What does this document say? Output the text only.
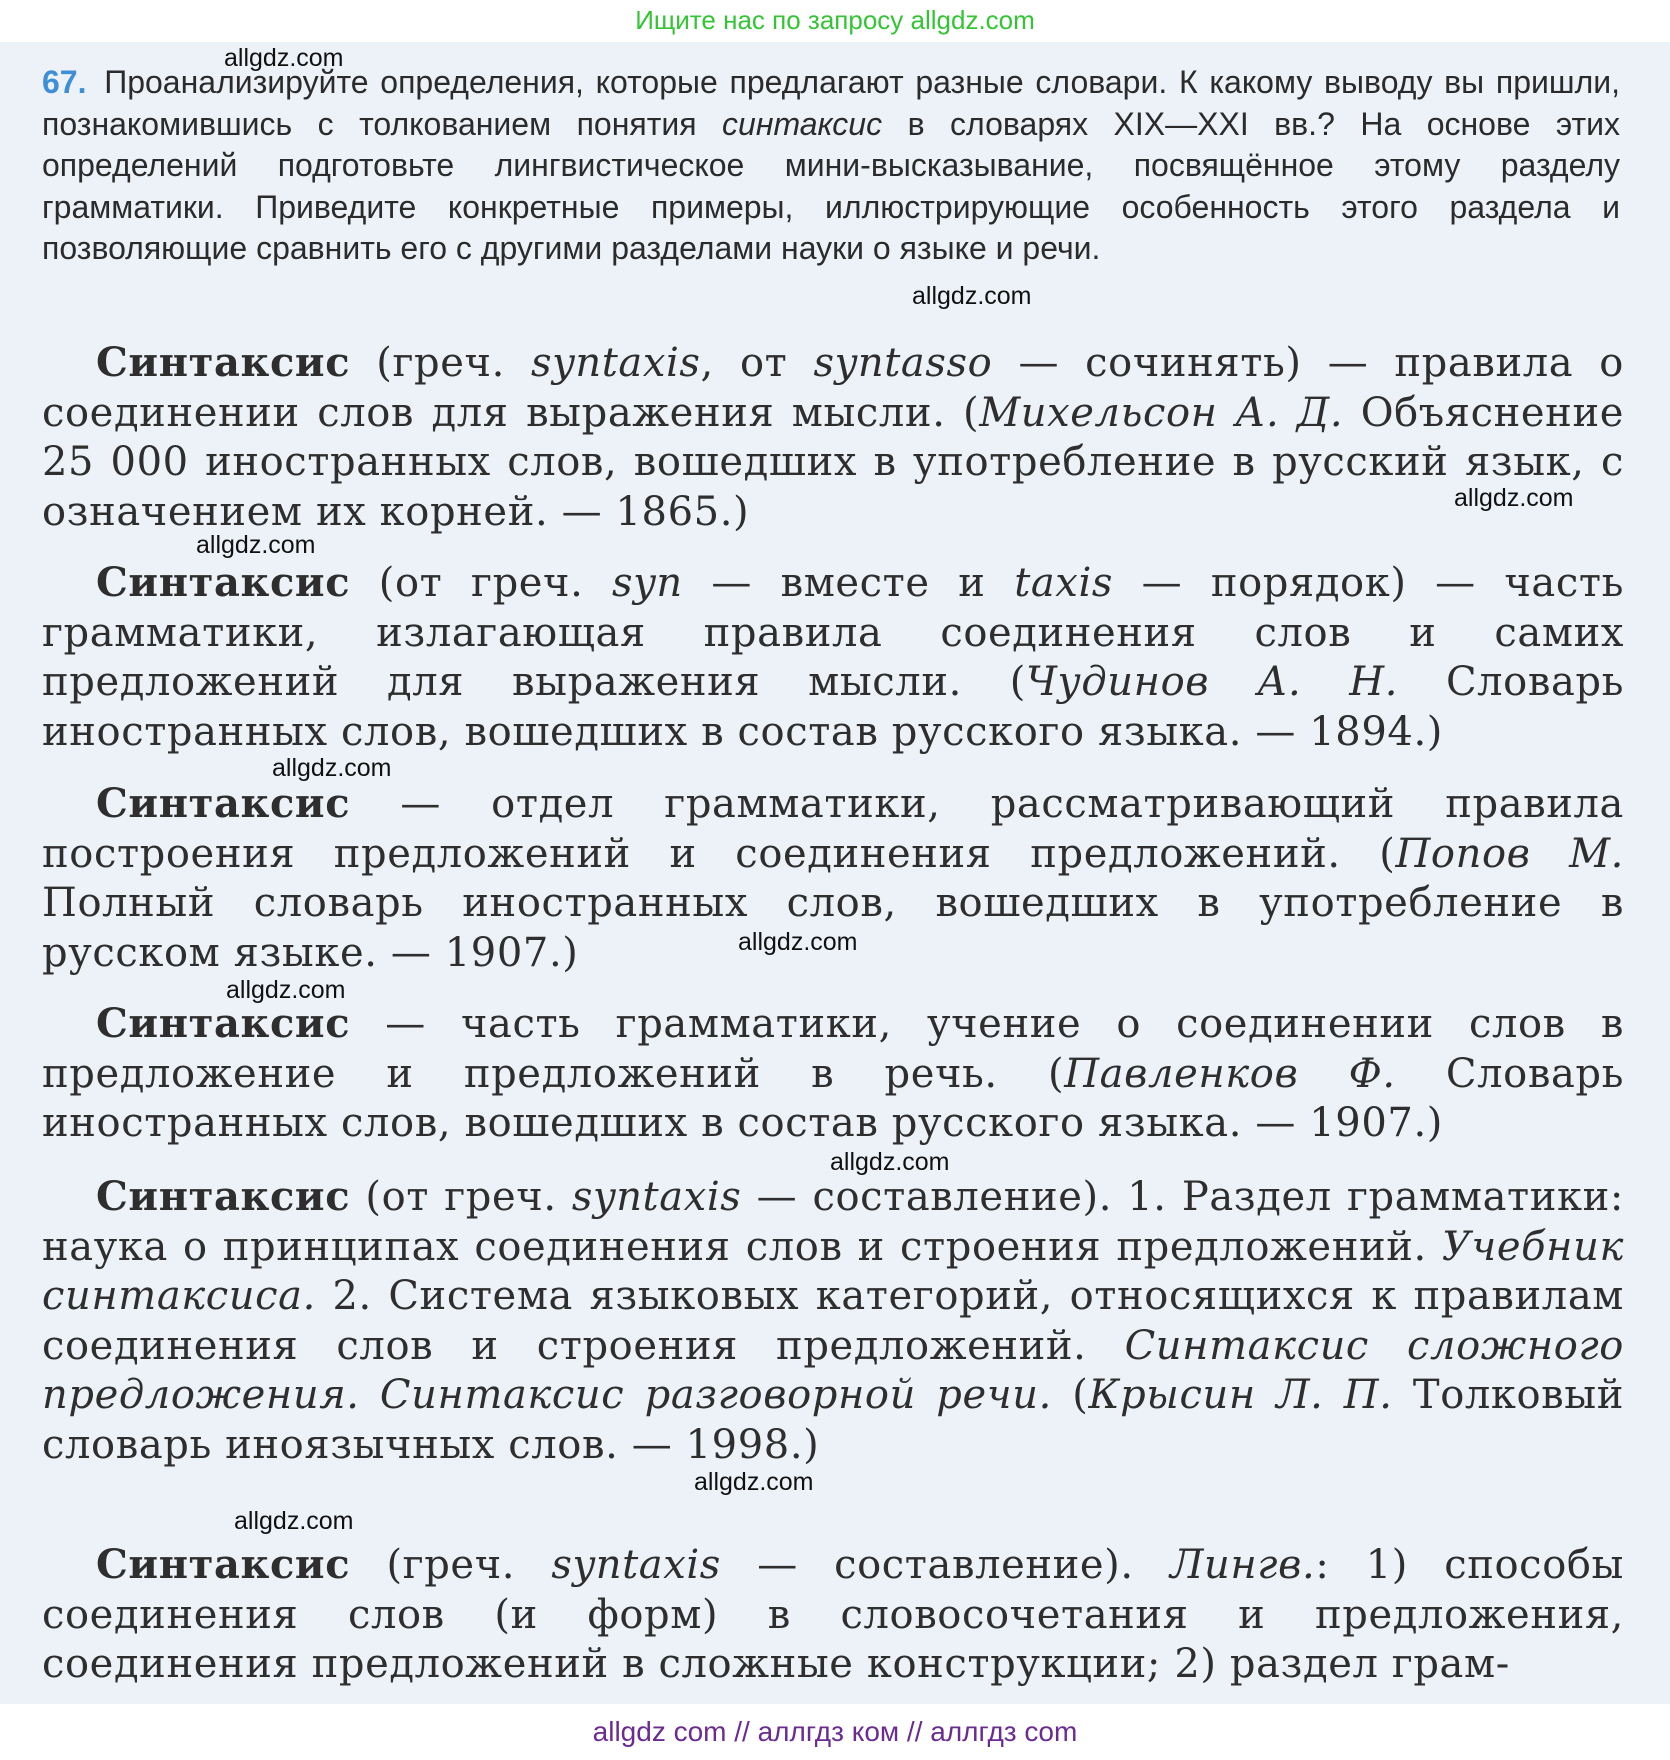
Ищите нас по запросу allgdz.com
67. Проанализируйте определения, которые предлагают разные словари. К какому выводу вы пришли, познакомившись с толкованием понятия синтаксис в словарях XIX—XXI вв.? На основе этих определений подготовьте лингвистическое мини-высказывание, посвящённое этому разделу грамматики. Приведите конкретные примеры, иллюстрирующие особенность этого раздела и позволяющие сравнить его с другими разделами науки о языке и речи.
Синтаксис (греч. syntaxis, от syntasso — сочинять) — правила о соединении слов для выражения мысли. (Михельсон А. Д. Объяснение 25 000 иностранных слов, вошедших в употребление в русский язык, с означением их корней. — 1865.)
Синтаксис (от греч. syn — вместе и taxis — порядок) — часть грамматики, излагающая правила соединения слов и самих предложений для выражения мысли. (Чудинов А. Н. Словарь иностранных слов, вошедших в состав русского языка. — 1894.)
Синтаксис — отдел грамматики, рассматривающий правила построения предложений и соединения предложений. (Попов М. Полный словарь иностранных слов, вошедших в употребление в русском языке. — 1907.)
Синтаксис — часть грамматики, учение о соединении слов в предложение и предложений в речь. (Павленков Ф. Словарь иностранных слов, вошедших в состав русского языка. — 1907.)
Синтаксис (от греч. syntaxis — составление). 1. Раздел грамматики: наука о принципах соединения слов и строения предложений. Учебник синтаксиса. 2. Система языковых категорий, относящихся к правилам соединения слов и строения предложений. Синтаксис сложного предложения. Синтаксис разговорной речи. (Крысин Л. П. Толковый словарь иноязычных слов. — 1998.)
Синтаксис (греч. syntaxis — составление). Лингв.: 1) способы соединения слов (и форм) в словосочетания и предложения, соединения предложений в сложные конструкции; 2) раздел грам-
allgdz.com
allgdz.com
allgdz.com
allgdz.com
allgdz.com
allgdz.com
allgdz.com
allgdz.com
allgdz.com
allgdz.com
allgdz com // аллгдз ком // аллгдз com
